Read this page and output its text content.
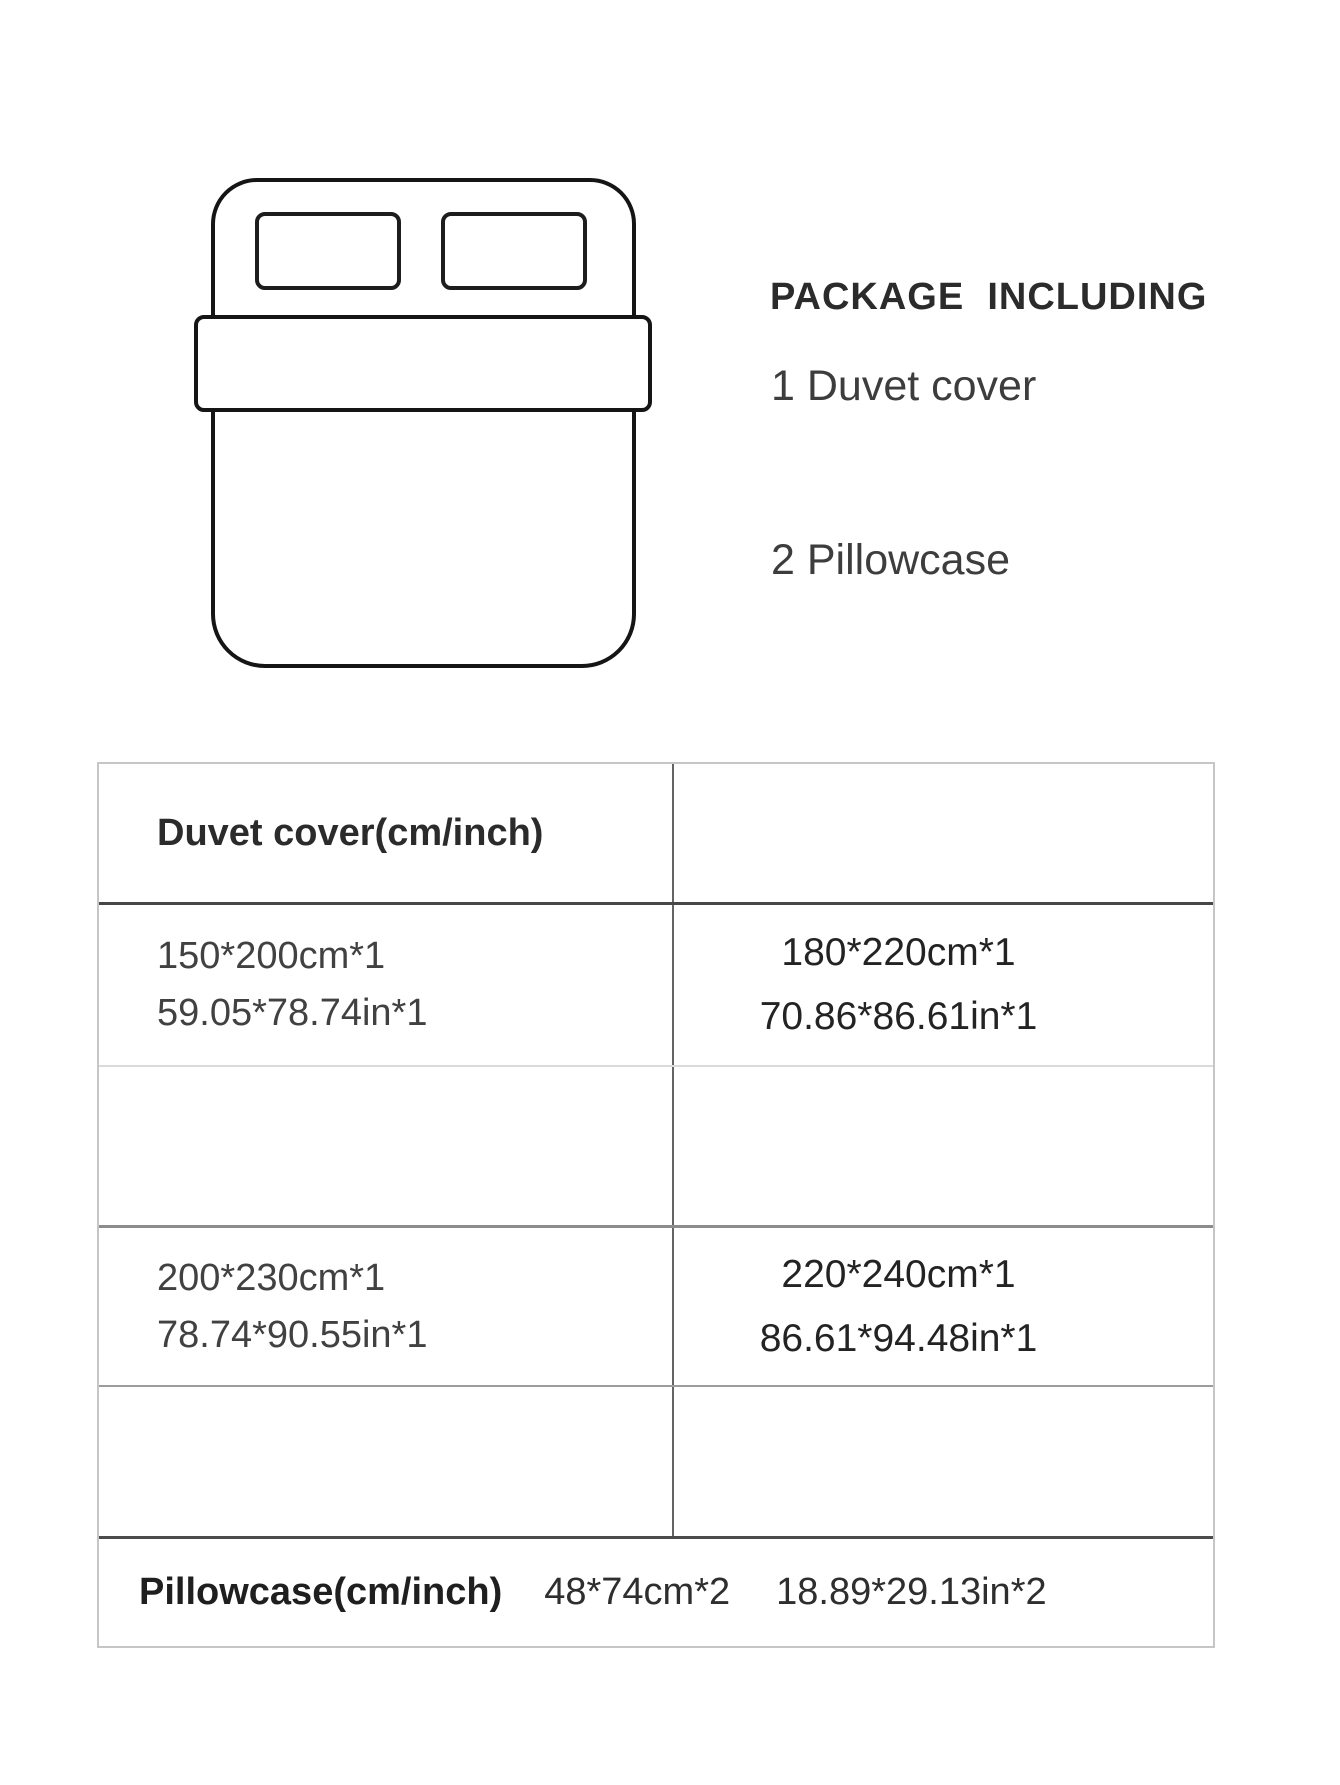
PACKAGE  INCLUDING
1 Duvet cover
2 Pillowcase
Duvet cover(cm/inch)
150*200cm*1
59.05*78.74in*1
180*220cm*1
70.86*86.61in*1
200*230cm*1
78.74*90.55in*1
220*240cm*1
86.61*94.48in*1
Pillowcase(cm/inch) 48*74cm*2 18.89*29.13in*2
